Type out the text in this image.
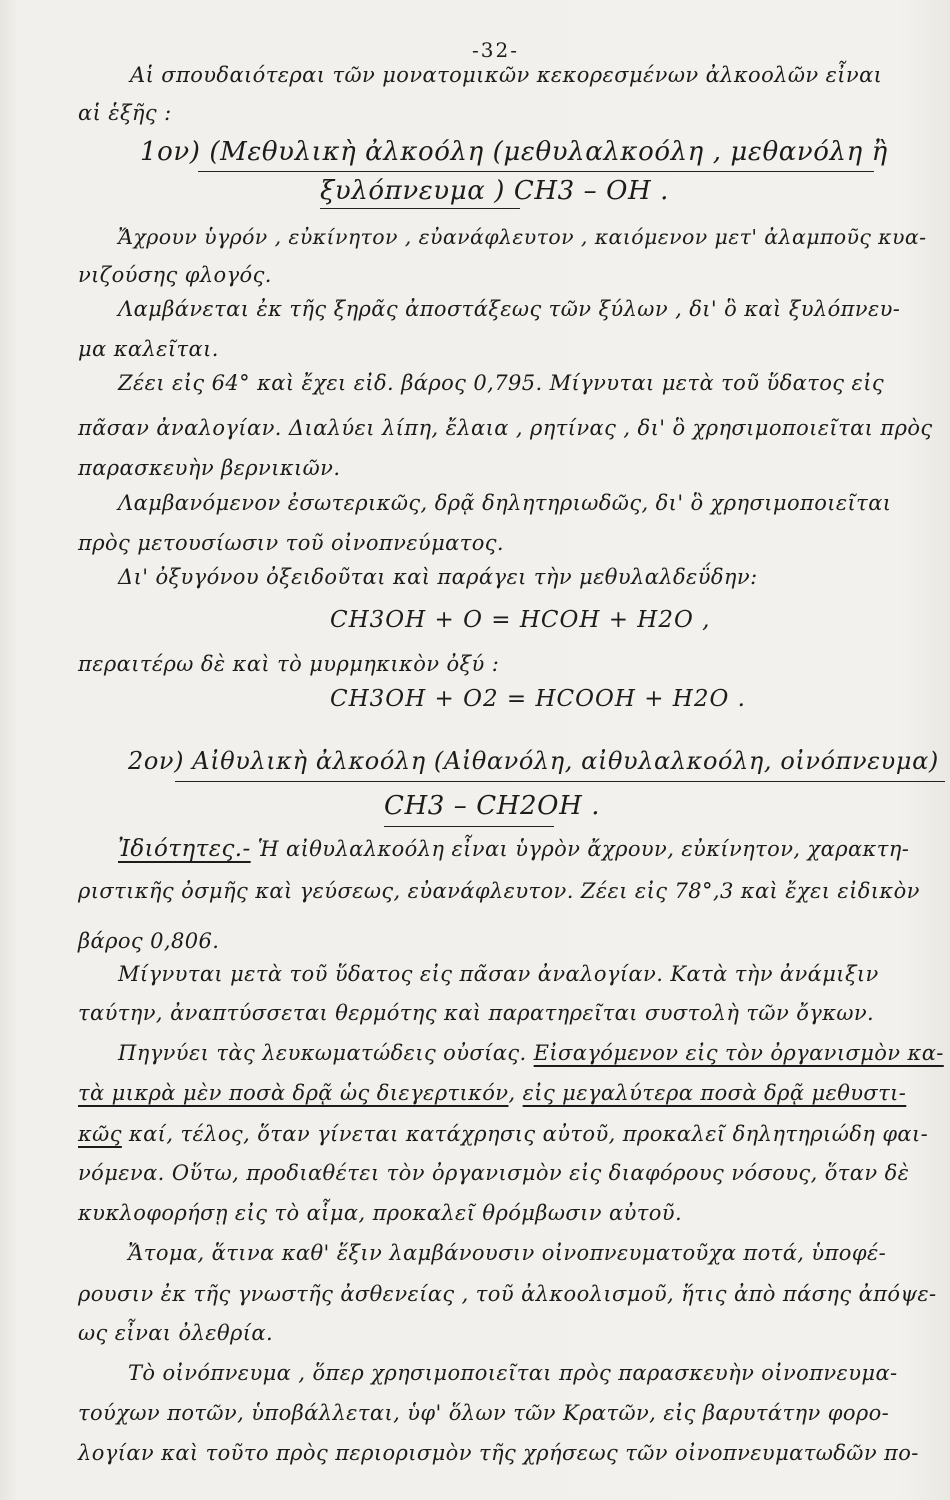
-32-
Αἱ σπουδαιότεραι τῶν μονατομικῶν κεκορεσμένων ἀλκοολῶν εἶναι
αἱ ἑξῆς :
1ον) (Μεθυλικὴ ἀλκοόλη (μεθυλαλκοόλη , μεθανόλη ἢ
ξυλόπνευμα ) CH3 – OH .
Ἄχρουν ὑγρόν , εὐκίνητον , εὐανάφλευτον , καιόμενον μετ' ἀλαμποῦς κυα-
νιζούσης φλογός.
Λαμβάνεται ἐκ τῆς ξηρᾶς ἀποστάξεως τῶν ξύλων , δι' ὃ καὶ ξυλόπνευ-
μα καλεῖται.
Ζέει εἰς 64° καὶ ἔχει εἰδ. βάρος 0,795. Μίγνυται μετὰ τοῦ ὕδατος εἰς
πᾶσαν ἀναλογίαν. Διαλύει λίπη, ἔλαια , ρητίνας , δι' ὃ χρησιμοποιεῖται πρὸς
παρασκευὴν βερνικιῶν.
Λαμβανόμενον ἐσωτερικῶς, δρᾷ δηλητηριωδῶς, δι' ὃ χρησιμοποιεῖται
πρὸς μετουσίωσιν τοῦ οἰνοπνεύματος.
Δι' ὀξυγόνου ὀξειδοῦται καὶ παράγει τὴν μεθυλαλδεΰδην:
CH3OH + O = HCOH + H2O ,
περαιτέρω δὲ καὶ τὸ μυρμηκικὸν ὀξύ :
CH3OH + O2 = HCOOH + H2O .
2ον) Αἰθυλικὴ ἀλκοόλη (Αἰθανόλη, αἰθυλαλκοόλη, οἰνόπνευμα)
CH3 – CH2OH .
Ἰδιότητες.- Ἡ αἰθυλαλκοόλη εἶναι ὑγρὸν ἄχρουν, εὐκίνητον, χαρακτη-
ριστικῆς ὀσμῆς καὶ γεύσεως, εὐανάφλευτον. Ζέει εἰς 78°,3 καὶ ἔχει εἰδικὸν
βάρος 0,806.
Μίγνυται μετὰ τοῦ ὕδατος εἰς πᾶσαν ἀναλογίαν. Κατὰ τὴν ἀνάμιξιν
ταύτην, ἀναπτύσσεται θερμότης καὶ παρατηρεῖται συστολὴ τῶν ὄγκων.
Πηγνύει τὰς λευκωματώδεις οὐσίας. Εἰσαγόμενον εἰς τὸν ὀργανισμὸν κα-
τὰ μικρὰ μὲν ποσὰ δρᾷ ὡς διεγερτικόν, εἰς μεγαλύτερα ποσὰ δρᾷ μεθυστι-
κῶς καί, τέλος, ὅταν γίνεται κατάχρησις αὐτοῦ, προκαλεῖ δηλητηριώδη φαι-
νόμενα. Οὕτω, προδιαθέτει τὸν ὀργανισμὸν εἰς διαφόρους νόσους, ὅταν δὲ
κυκλοφορήσῃ εἰς τὸ αἷμα, προκαλεῖ θρόμβωσιν αὐτοῦ.
Ἄτομα, ἅτινα καθ' ἕξιν λαμβάνουσιν οἰνοπνευματοῦχα ποτά, ὑποφέ-
ρουσιν ἐκ τῆς γνωστῆς ἀσθενείας , τοῦ ἀλκοολισμοῦ, ἥτις ἀπὸ πάσης ἀπόψε-
ως εἶναι ὀλεθρία.
Τὸ οἰνόπνευμα , ὅπερ χρησιμοποιεῖται πρὸς παρασκευὴν οἰνοπνευμα-
τούχων ποτῶν, ὑποβάλλεται, ὑφ' ὅλων τῶν Κρατῶν, εἰς βαρυτάτην φορο-
λογίαν καὶ τοῦτο πρὸς περιορισμὸν τῆς χρήσεως τῶν οἰνοπνευματωδῶν πο-
